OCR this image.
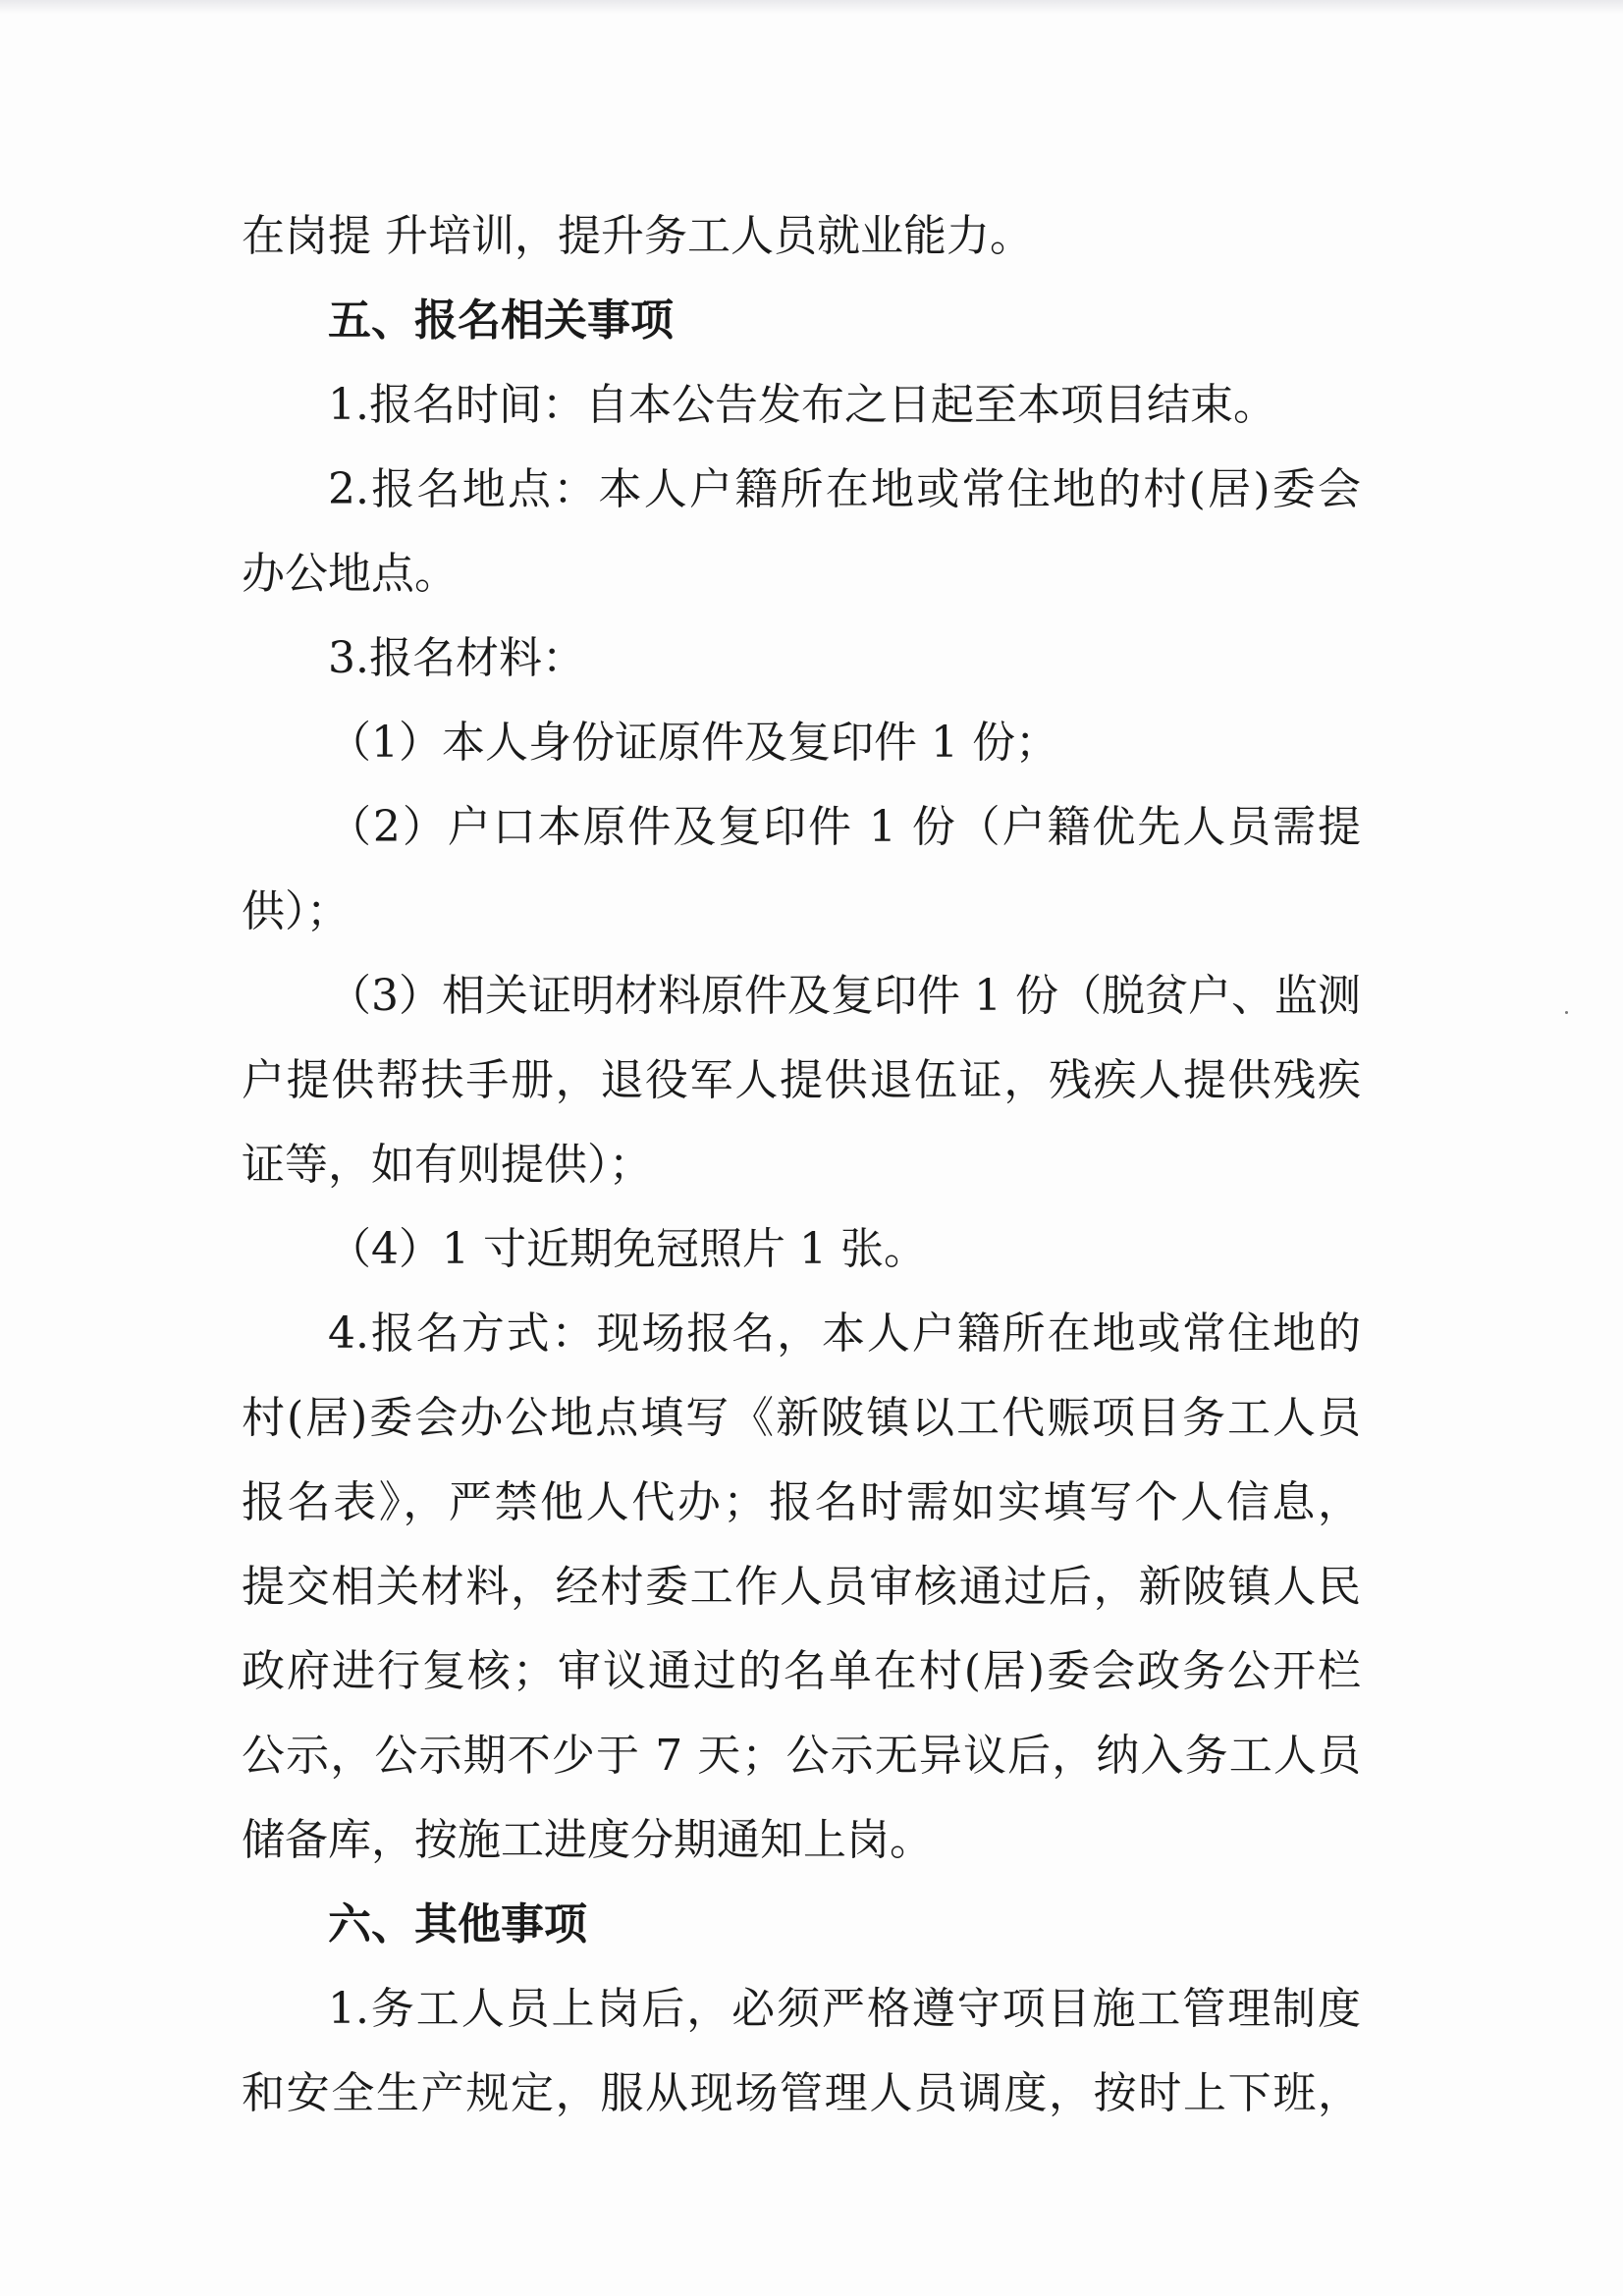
在岗提 升培训，提升务工人员就业能力。
五、报名相关事项
1.报名时间：自本公告发布之日起至本项目结束。
2.报名地点：本人户籍所在地或常住地的村(居)委会
办公地点。
3.报名材料：
（1）本人身份证原件及复印件 1 份；
（2）户口本原件及复印件 1 份（户籍优先人员需提
供）；
（3）相关证明材料原件及复印件 1 份（脱贫户、监测
户提供帮扶手册，退役军人提供退伍证，残疾人提供残疾
证等，如有则提供）；
（4）1 寸近期免冠照片 1 张。
4.报名方式：现场报名，本人户籍所在地或常住地的
村(居)委会办公地点填写《新陂镇以工代赈项目务工人员
报名表》，严禁他人代办；报名时需如实填写个人信息，
提交相关材料，经村委工作人员审核通过后，新陂镇人民
政府进行复核；审议通过的名单在村(居)委会政务公开栏
公示，公示期不少于 7 天；公示无异议后，纳入务工人员
储备库，按施工进度分期通知上岗。
六、其他事项
1.务工人员上岗后，必须严格遵守项目施工管理制度
和安全生产规定，服从现场管理人员调度，按时上下班，
